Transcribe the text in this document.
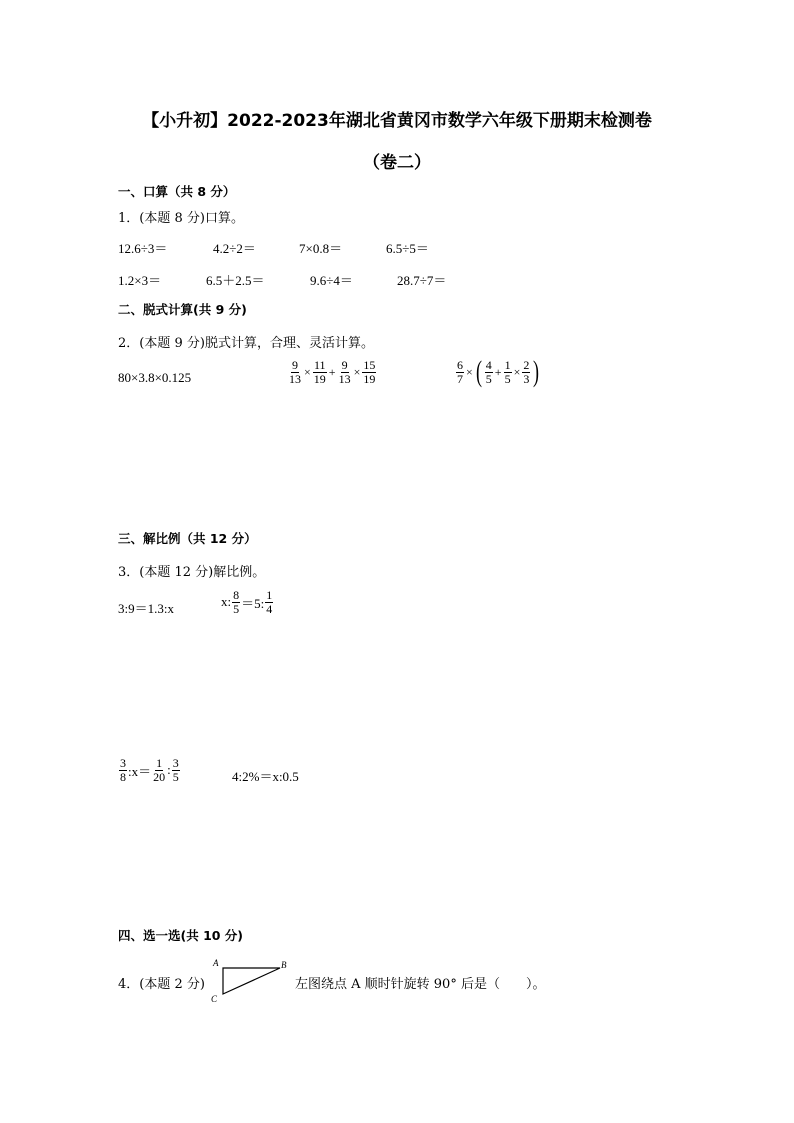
【小升初】2022-2023年湖北省黄冈市数学六年级下册期末检测卷
（卷二）
一、口算（共 8 分）
1．(本题 8 分)口算。
12.6÷3＝	4.2÷2＝	7×0.8＝	6.5÷5＝
1.2×3＝	6.5＋2.5＝	9.6÷4＝	28.7÷7＝
二、脱式计算(共 9 分)
2．(本题 9 分)脱式计算，合理、灵活计算。
80×3.8×0.125	$\frac{9}{13} \times \frac{11}{19} + \frac{9}{13} \times \frac{15}{19}$	$\frac{6}{7}$ × ( $\frac{4}{5} + \frac{1}{5} \times \frac{2}{3}$ )
三、解比例（共 12 分）
3．(本题 12 分)解比例。
3:9＝1.3:x	x: $\frac{8}{5} =5$: $\frac{1}{4}$
$\frac{3}{8}$ :x＝ $\frac{1}{20}$ : $\frac{3}{5}$	4:2%＝x:0.5
四、选一选(共 10 分)
4．(本题 2 分)
A	B
C
左图绕点 A 顺时针旋转 90° 后是（　　）。
